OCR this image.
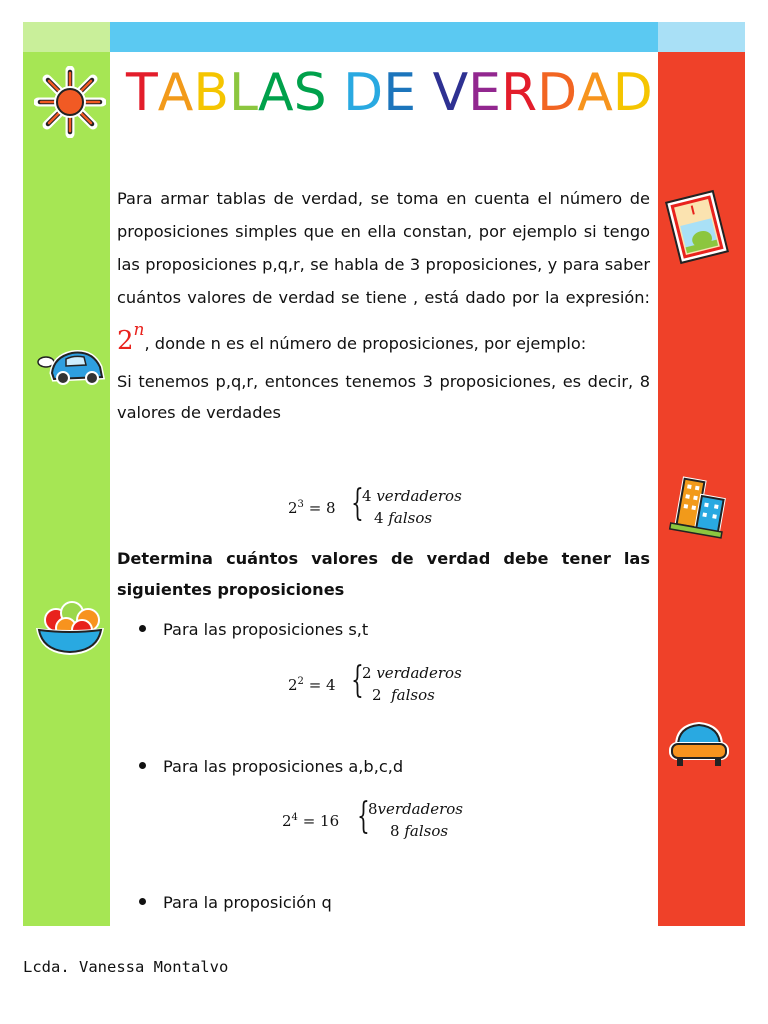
TABLAS DE VERDAD

Para armar tablas de verdad, se toma en cuenta el número de proposiciones simples que en ella constan, por ejemplo si tengo las proposiciones p,q,r, se habla de 3 proposiciones, y para saber cuántos valores de verdad se tiene , está dado por la expresión: 2$^n$, donde n es el número de proposiciones, por ejemplo:

Si tenemos p,q,r, entonces tenemos 3 proposiciones, es decir, 8 valores de verdades

$2^3 = 8$ {
4 verdaderos
4 falsos

Determina cuántos valores de verdad debe tener las siguientes proposiciones

Para las proposiciones s,t
$2^2 = 4$ {
2 verdaderos
2 falsos
Para las proposiciones a,b,c,d
$2^4 = 16$ {
8verdaderos
8 falsos
Para la proposición q
Lcda. Vanessa Montalvo
